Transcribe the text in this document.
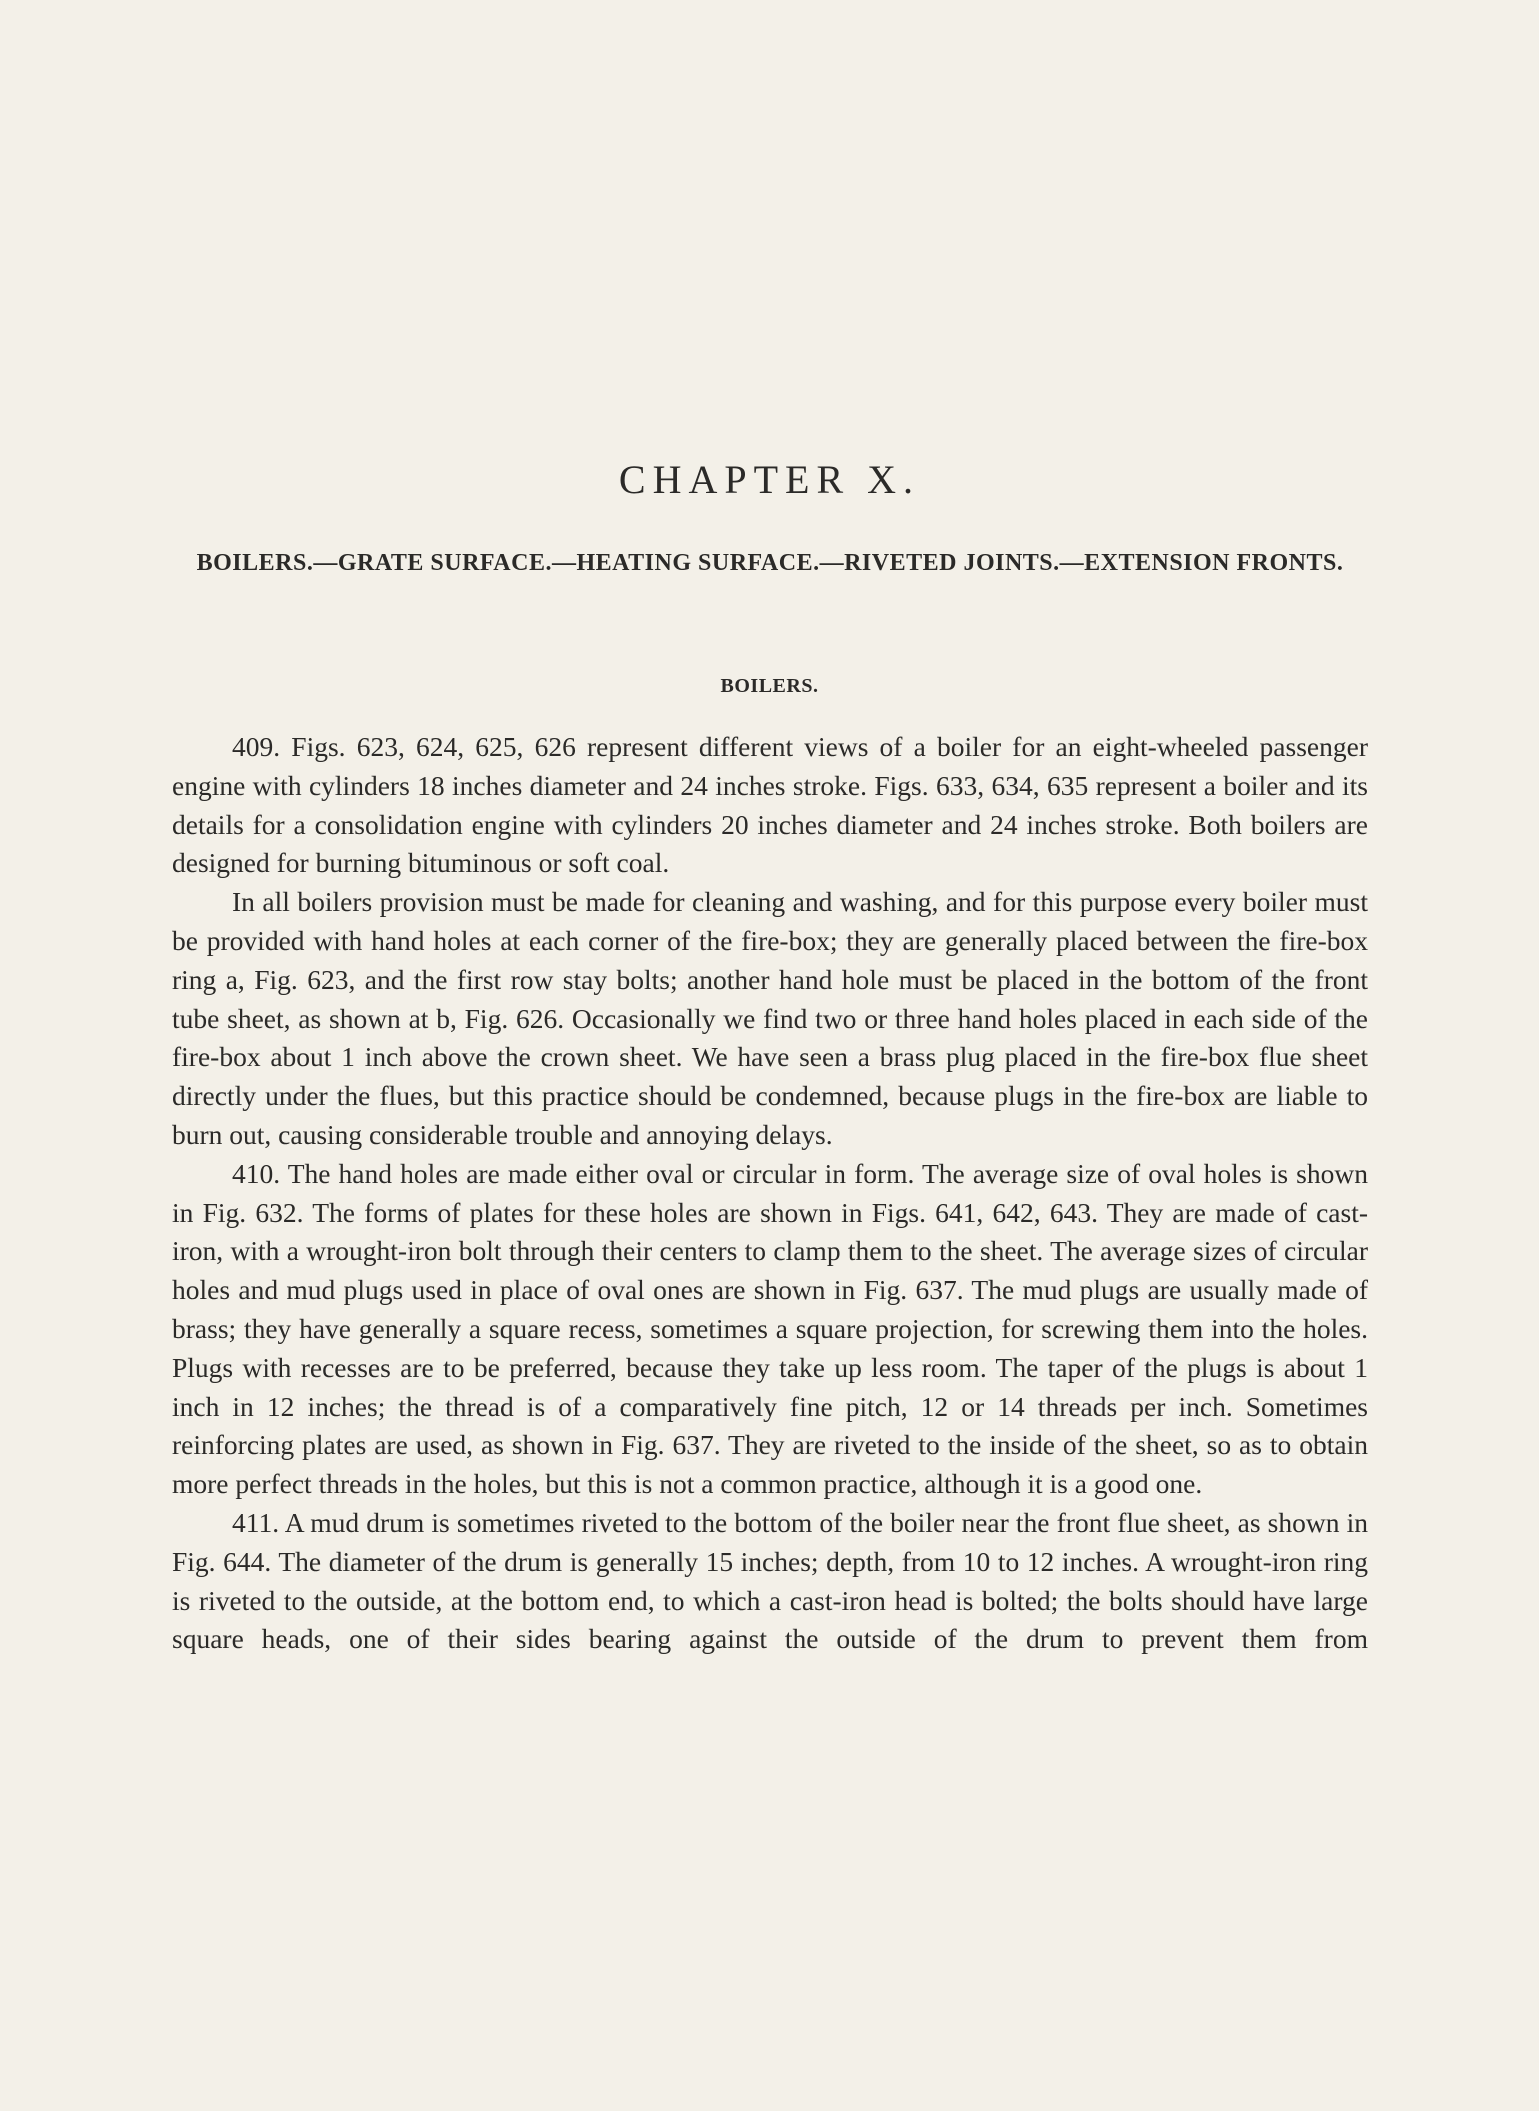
CHAPTER X.
BOILERS.—GRATE SURFACE.—HEATING SURFACE.—RIVETED JOINTS.—EXTENSION FRONTS.
BOILERS.

409. Figs. 623, 624, 625, 626 represent different views of a boiler for an eight-wheeled passenger engine with cylinders 18 inches diameter and 24 inches stroke. Figs. 633, 634, 635 represent a boiler and its details for a consolidation engine with cylinders 20 inches diameter and 24 inches stroke. Both boilers are designed for burning bituminous or soft coal.

In all boilers provision must be made for cleaning and washing, and for this purpose every boiler must be provided with hand holes at each corner of the fire-box; they are generally placed between the fire-box ring a, Fig. 623, and the first row stay bolts; another hand hole must be placed in the bottom of the front tube sheet, as shown at b, Fig. 626. Occasionally we find two or three hand holes placed in each side of the fire-box about 1 inch above the crown sheet. We have seen a brass plug placed in the fire-box flue sheet directly under the flues, but this practice should be condemned, because plugs in the fire-box are liable to burn out, causing considerable trouble and annoying delays.

410. The hand holes are made either oval or circular in form. The average size of oval holes is shown in Fig. 632. The forms of plates for these holes are shown in Figs. 641, 642, 643. They are made of cast-iron, with a wrought-iron bolt through their centers to clamp them to the sheet. The average sizes of circular holes and mud plugs used in place of oval ones are shown in Fig. 637. The mud plugs are usually made of brass; they have generally a square recess, sometimes a square projection, for screwing them into the holes. Plugs with recesses are to be preferred, because they take up less room. The taper of the plugs is about 1 inch in 12 inches; the thread is of a comparatively fine pitch, 12 or 14 threads per inch. Sometimes reinforcing plates are used, as shown in Fig. 637. They are riveted to the inside of the sheet, so as to obtain more perfect threads in the holes, but this is not a common practice, although it is a good one.

411. A mud drum is sometimes riveted to the bottom of the boiler near the front flue sheet, as shown in Fig. 644. The diameter of the drum is generally 15 inches; depth, from 10 to 12 inches. A wrought-iron ring is riveted to the outside, at the bottom end, to which a cast-iron head is bolted; the bolts should have large square heads, one of their sides bearing against the outside of the drum to prevent them from
